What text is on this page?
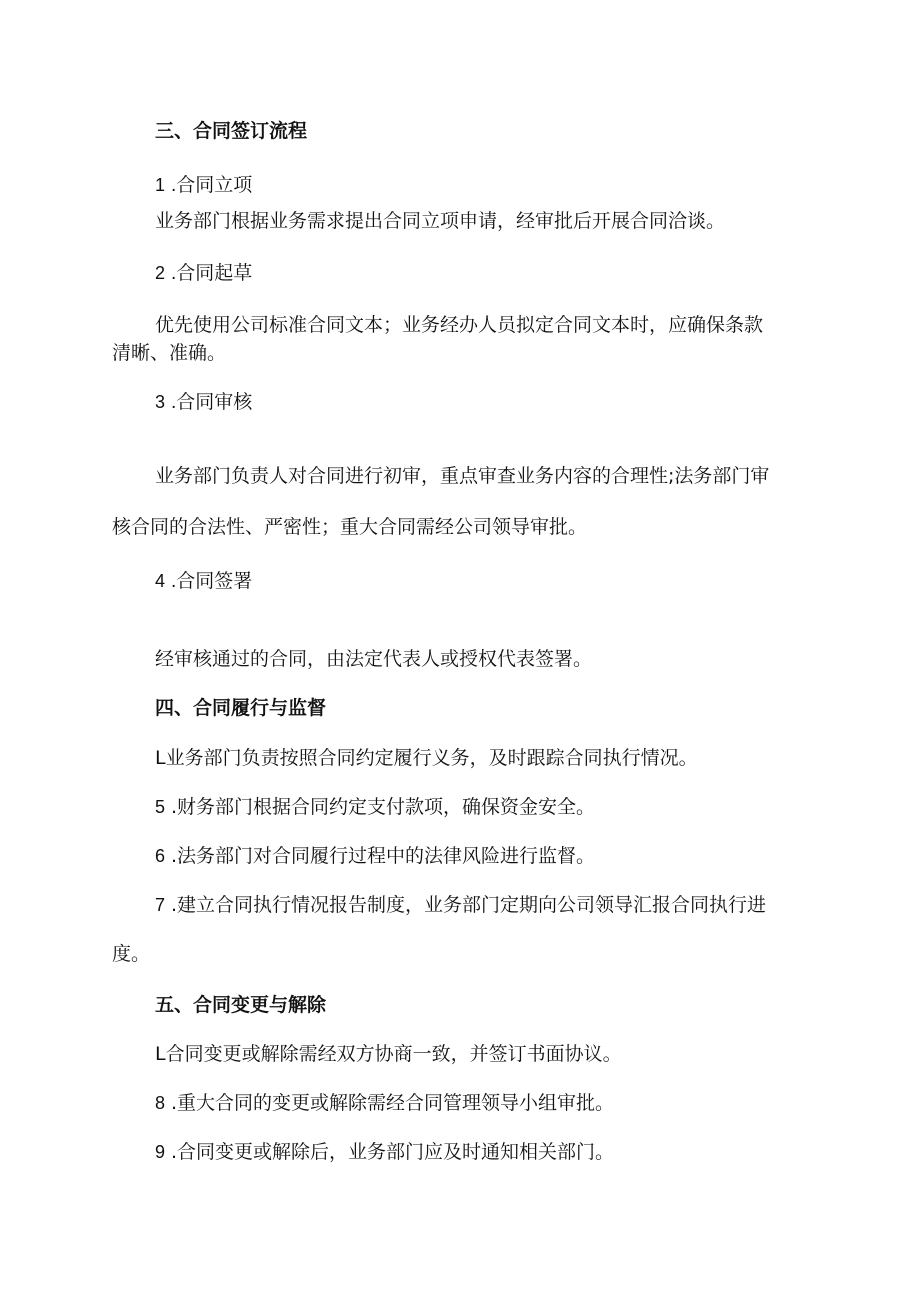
三、合同签订流程
1 .合同立项
业务部门根据业务需求提出合同立项申请，经审批后开展合同洽谈。
2 .合同起草
优先使用公司标准合同文本；业务经办人员拟定合同文本时，应确保条款
清晰、准确。
3 .合同审核
业务部门负责人对合同进行初审，重点审查业务内容的合理性;法务部门审
核合同的合法性、严密性；重大合同需经公司领导审批。
4 .合同签署
经审核通过的合同，由法定代表人或授权代表签署。
四、合同履行与监督
L业务部门负责按照合同约定履行义务，及时跟踪合同执行情况。
5 .财务部门根据合同约定支付款项，确保资金安全。
6 .法务部门对合同履行过程中的法律风险进行监督。
7 .建立合同执行情况报告制度，业务部门定期向公司领导汇报合同执行进
度。
五、合同变更与解除
L合同变更或解除需经双方协商一致，并签订书面协议。
8 .重大合同的变更或解除需经合同管理领导小组审批。
9 .合同变更或解除后，业务部门应及时通知相关部门。
